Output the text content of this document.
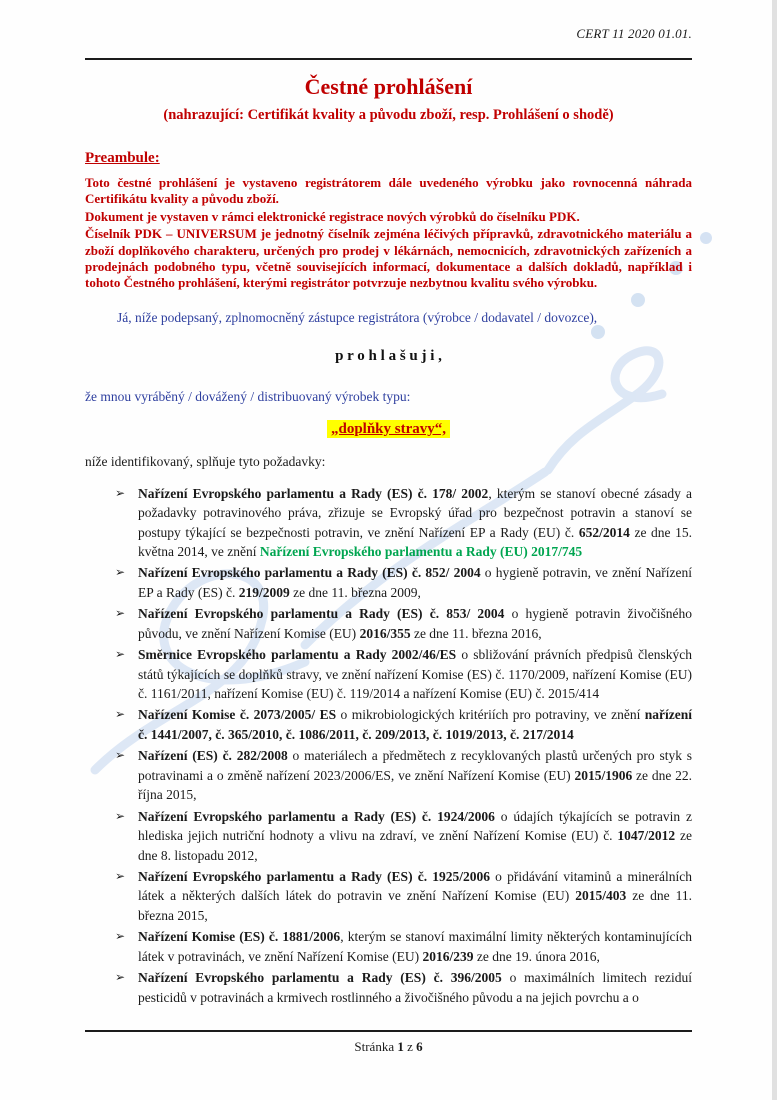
CERT 11 2020 01.01.
Čestné prohlášení
(nahrazující: Certifikát kvality a původu zboží, resp. Prohlášení o shodě)
Preambule:

Toto čestné prohlášení je vystaveno registrátorem dále uvedeného výrobku jako rovnocenná náhrada Certifikátu kvality a původu zboží.

Dokument je vystaven v rámci elektronické registrace nových výrobků do číselníku PDK.

Číselník PDK – UNIVERSUM je jednotný číselník zejména léčivých přípravků, zdravotnického materiálu a zboží doplňkového charakteru, určených pro prodej v lékárnách, nemocnicích, zdravotnických zařízeních a prodejnách podobného typu, včetně souvisejících informací, dokumentace a dalších dokladů, například i tohoto Čestného prohlášení, kterými registrátor potvrzuje nezbytnou kvalitu svého výrobku.

Já, níže podepsaný, zplnomocněný zástupce registrátora (výrobce / dodavatel / dovozce),

p r o h l a š u j i ,

že mnou vyráběný / dovážený / distribuovaný výrobek typu:

„doplňky stravy“,

níže identifikovaný, splňuje tyto požadavky:

➢ Nařízení Evropského parlamentu a Rady (ES) č. 178/ 2002, kterým se stanoví obecné zásady a požadavky potravinového práva, zřizuje se Evropský úřad pro bezpečnost potravin a stanoví se postupy týkající se bezpečnosti potravin, ve znění Nařízení EP a Rady (EU) č. 652/2014 ze dne 15. května 2014, ve znění Nařízení Evropského parlamentu a Rady (EU) 2017/745
➢ Nařízení Evropského parlamentu a Rady (ES) č. 852/ 2004 o hygieně potravin, ve znění Nařízení EP a Rady (ES) č. 219/2009 ze dne 11. března 2009,
➢ Nařízení Evropského parlamentu a Rady (ES) č. 853/ 2004 o hygieně potravin živočišného původu, ve znění Nařízení Komise (EU) 2016/355 ze dne 11. března 2016,
➢ Směrnice Evropského parlamentu a Rady 2002/46/ES o sbližování právních předpisů členských států týkajících se doplňků stravy, ve znění nařízení Komise (ES) č. 1170/2009, nařízení Komise (EU) č. 1161/2011, nařízení Komise (EU) č. 119/2014 a nařízení Komise (EU) č. 2015/414
➢ Nařízení Komise č. 2073/2005/ ES o mikrobiologických kritériích pro potraviny, ve znění nařízení č. 1441/2007, č. 365/2010, č. 1086/2011, č. 209/2013, č. 1019/2013, č. 217/2014
➢ Nařízení (ES) č. 282/2008 o materiálech a předmětech z recyklovaných plastů určených pro styk s potravinami a o změně nařízení 2023/2006/ES, ve znění Nařízení Komise (EU) 2015/1906 ze dne 22. října 2015,
➢ Nařízení Evropského parlamentu a Rady (ES) č. 1924/2006 o údajích týkajících se potravin z hlediska jejich nutriční hodnoty a vlivu na zdraví, ve znění Nařízení Komise (EU) č. 1047/2012 ze dne 8. listopadu 2012,
➢ Nařízení Evropského parlamentu a Rady (ES) č. 1925/2006 o přidávání vitaminů a minerálních látek a některých dalších látek do potravin ve znění Nařízení Komise (EU) 2015/403 ze dne 11. března 2015,
➢ Nařízení Komise (ES) č. 1881/2006, kterým se stanoví maximální limity některých kontaminujících látek v potravinách, ve znění Nařízení Komise (EU) 2016/239 ze dne 19. února 2016,
➢ Nařízení Evropského parlamentu a Rady (ES) č. 396/2005 o maximálních limitech reziduí pesticidů v potravinách a krmivech rostlinného a živočišného původu a na jejich povrchu a o
Stránka 1 z 6
